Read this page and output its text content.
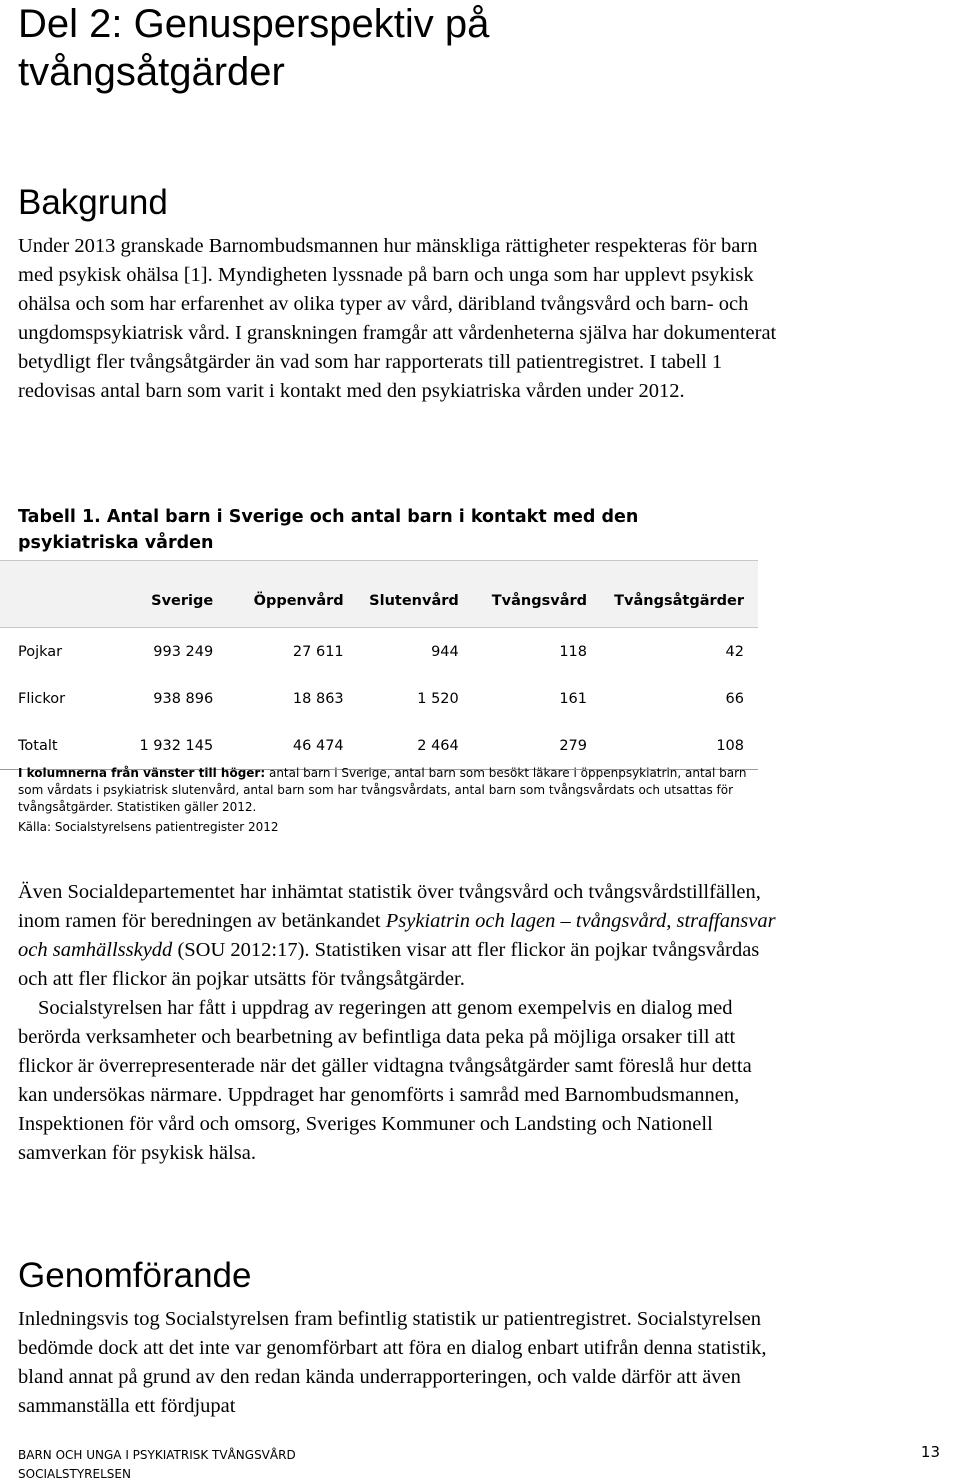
Del 2: Genusperspektiv på
tvångsåtgärder
Bakgrund

Under 2013 granskade Barnombudsmannen hur mänskliga rättigheter respekteras för barn med psykisk ohälsa [1]. Myndigheten lyssnade på barn och unga som har upplevt psykisk ohälsa och som har erfarenhet av olika typer av vård, däribland tvångsvård och barn- och ungdomspsykiatrisk vård. I granskningen framgår att vårdenheterna själva har dokumenterat betydligt fler tvångsåtgärder än vad som har rapporterats till patientregistret. I tabell 1 redovisas antal barn som varit i kontakt med den psykiatriska vården under 2012.

Tabell 1. Antal barn i Sverige och antal barn i kontakt med den psykiatriska vården

	Sverige	Öppenvård	Slutenvård	Tvångsvård	Tvångsåtgärder
Pojkar	993 249	27 611	944	118	42
Flickor	938 896	18 863	1 520	161	66
Totalt	1 932 145	46 474	2 464	279	108

I kolumnerna från vänster till höger: antal barn i Sverige, antal barn som besökt läkare i öppenpsykiatrin, antal barn som vårdats i psykiatrisk slutenvård, antal barn som har tvångsvårdats, antal barn som tvångsvårdats och utsattas för tvångsåtgärder. Statistiken gäller 2012.

Källa: Socialstyrelsens patientregister 2012

Även Socialdepartementet har inhämtat statistik över tvångsvård och tvångsvårdstillfällen, inom ramen för beredningen av betänkandet Psykiatrin och lagen – tvångsvård, straffansvar och samhällsskydd (SOU 2012:17). Statistiken visar att fler flickor än pojkar tvångsvårdas och att fler flickor än pojkar utsätts för tvångsåtgärder.

Socialstyrelsen har fått i uppdrag av regeringen att genom exempelvis en dialog med berörda verksamheter och bearbetning av befintliga data peka på möjliga orsaker till att flickor är överrepresenterade när det gäller vidtagna tvångsåtgärder samt föreslå hur detta kan undersökas närmare. Uppdraget har genomförts i samråd med Barnombudsmannen, Inspektionen för vård och omsorg, Sveriges Kommuner och Landsting och Nationell samverkan för psykisk hälsa.

Genomförande

Inledningsvis tog Socialstyrelsen fram befintlig statistik ur patientregistret. Socialstyrelsen bedömde dock att det inte var genomförbart att föra en dialog enbart utifrån denna statistik, bland annat på grund av den redan kända underrapporteringen, och valde därför att även sammanställa ett fördjupat

BARN OCH UNGA I PSYKIATRISK TVÅNGSVÅRD
SOCIALSTYRELSEN
13
